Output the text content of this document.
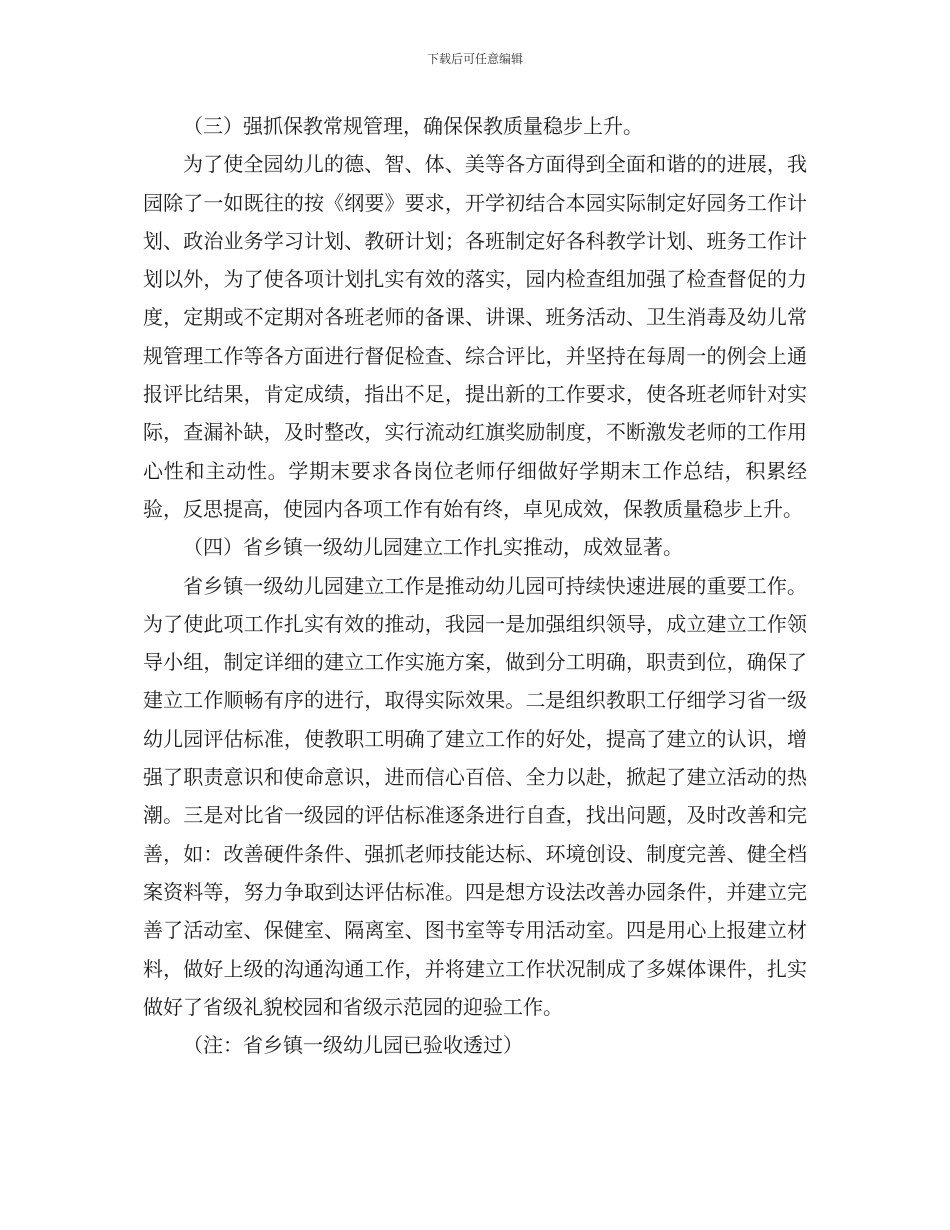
下载后可任意编辑

（三）强抓保教常规管理，确保保教质量稳步上升。

为了使全园幼儿的德、智、体、美等各方面得到全面和谐的的进展，我园除了一如既往的按《纲要》要求，开学初结合本园实际制定好园务工作计划、政治业务学习计划、教研计划；各班制定好各科教学计划、班务工作计划以外，为了使各项计划扎实有效的落实，园内检查组加强了检查督促的力度，定期或不定期对各班老师的备课、讲课、班务活动、卫生消毒及幼儿常规管理工作等各方面进行督促检查、综合评比，并坚持在每周一的例会上通报评比结果，肯定成绩，指出不足，提出新的工作要求，使各班老师针对实际，查漏补缺，及时整改，实行流动红旗奖励制度，不断激发老师的工作用心性和主动性。学期末要求各岗位老师仔细做好学期末工作总结，积累经验，反思提高，使园内各项工作有始有终，卓见成效，保教质量稳步上升。

（四）省乡镇一级幼儿园建立工作扎实推动，成效显著。

省乡镇一级幼儿园建立工作是推动幼儿园可持续快速进展的重要工作。为了使此项工作扎实有效的推动，我园一是加强组织领导，成立建立工作领导小组，制定详细的建立工作实施方案，做到分工明确，职责到位，确保了建立工作顺畅有序的进行，取得实际效果。二是组织教职工仔细学习省一级幼儿园评估标准，使教职工明确了建立工作的好处，提高了建立的认识，增强了职责意识和使命意识，进而信心百倍、全力以赴，掀起了建立活动的热潮。三是对比省一级园的评估标准逐条进行自查，找出问题，及时改善和完善，如：改善硬件条件、强抓老师技能达标、环境创设、制度完善、健全档案资料等，努力争取到达评估标准。四是想方设法改善办园条件，并建立完善了活动室、保健室、隔离室、图书室等专用活动室。四是用心上报建立材料，做好上级的沟通沟通工作，并将建立工作状况制成了多媒体课件，扎实做好了省级礼貌校园和省级示范园的迎验工作。

（注：省乡镇一级幼儿园已验收透过）
